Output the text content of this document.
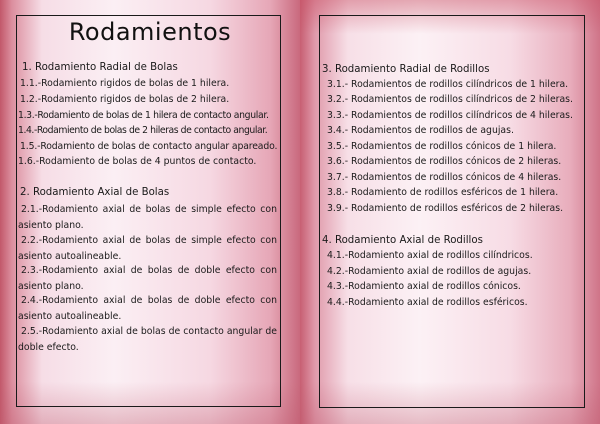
Rodamientos
1. Rodamiento Radial de Bolas
1.1.-Rodamiento rigidos de bolas de 1 hilera.
1.2.-Rodamiento rigidos de bolas de 2 hilera.
1.3.-Rodamiento de bolas de 1 hilera de contacto angular.
1.4.-Rodamiento de bolas de 2 hileras de contacto angular.
1.5.-Rodamiento de bolas de contacto angular apareado.
1.6.-Rodamiento de bolas de 4 puntos de contacto.
2. Rodamiento Axial de Bolas
2.1.-Rodamiento axial de bolas de simple efecto con asiento plano.
2.2.-Rodamiento axial de bolas de simple efecto con asiento autoalineable.
2.3.-Rodamiento axial de bolas de doble efecto con asiento plano.
2.4.-Rodamiento axial de bolas de doble efecto con asiento autoalineable.
2.5.-Rodamiento axial de bolas de contacto angular de doble efecto.
3. Rodamiento Radial de Rodillos
3.1.- Rodamientos de rodillos cilíndricos de 1 hilera.
3.2.- Rodamientos de rodillos cilíndricos de 2 hileras.
3.3.- Rodamientos de rodillos cilíndricos de 4 hileras.
3.4.- Rodamientos de rodillos de agujas.
3.5.- Rodamientos de rodillos cónicos de 1 hilera.
3.6.- Rodamientos de rodillos cónicos de 2 hileras.
3.7.- Rodamientos de rodillos cónicos de 4 hileras.
3.8.- Rodamiento de rodillos esféricos de 1 hilera.
3.9.- Rodamiento de rodillos esféricos de 2 hileras.
4. Rodamiento Axial de Rodillos
4.1.-Rodamiento axial de rodillos cilíndricos.
4.2.-Rodamiento axial de rodillos de agujas.
4.3.-Rodamiento axial de rodillos cónicos.
4.4.-Rodamiento axial de rodillos esféricos.
